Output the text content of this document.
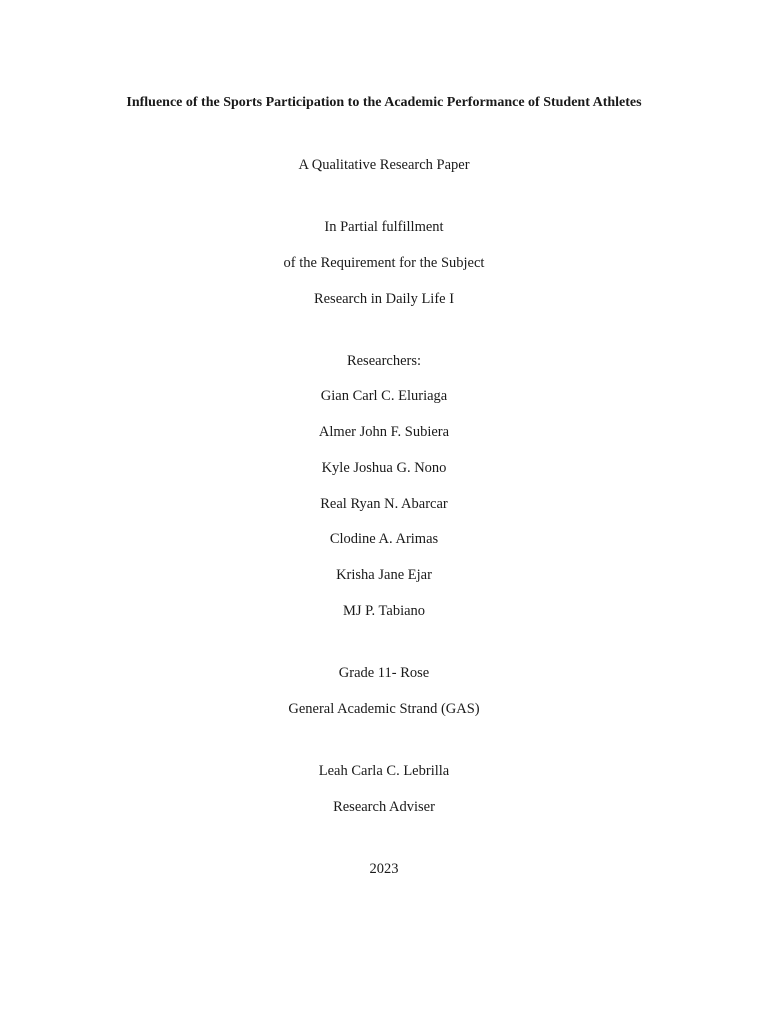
Influence of the Sports Participation to the Academic Performance of Student Athletes
A Qualitative Research Paper
In Partial fulfillment
of the Requirement for the Subject
Research in Daily Life I
Researchers:
Gian Carl C. Eluriaga
Almer John F. Subiera
Kyle Joshua G. Nono
Real Ryan N. Abarcar
Clodine A. Arimas
Krisha Jane Ejar
MJ P. Tabiano
Grade 11- Rose
General Academic Strand (GAS)
Leah Carla C. Lebrilla
Research Adviser
2023
